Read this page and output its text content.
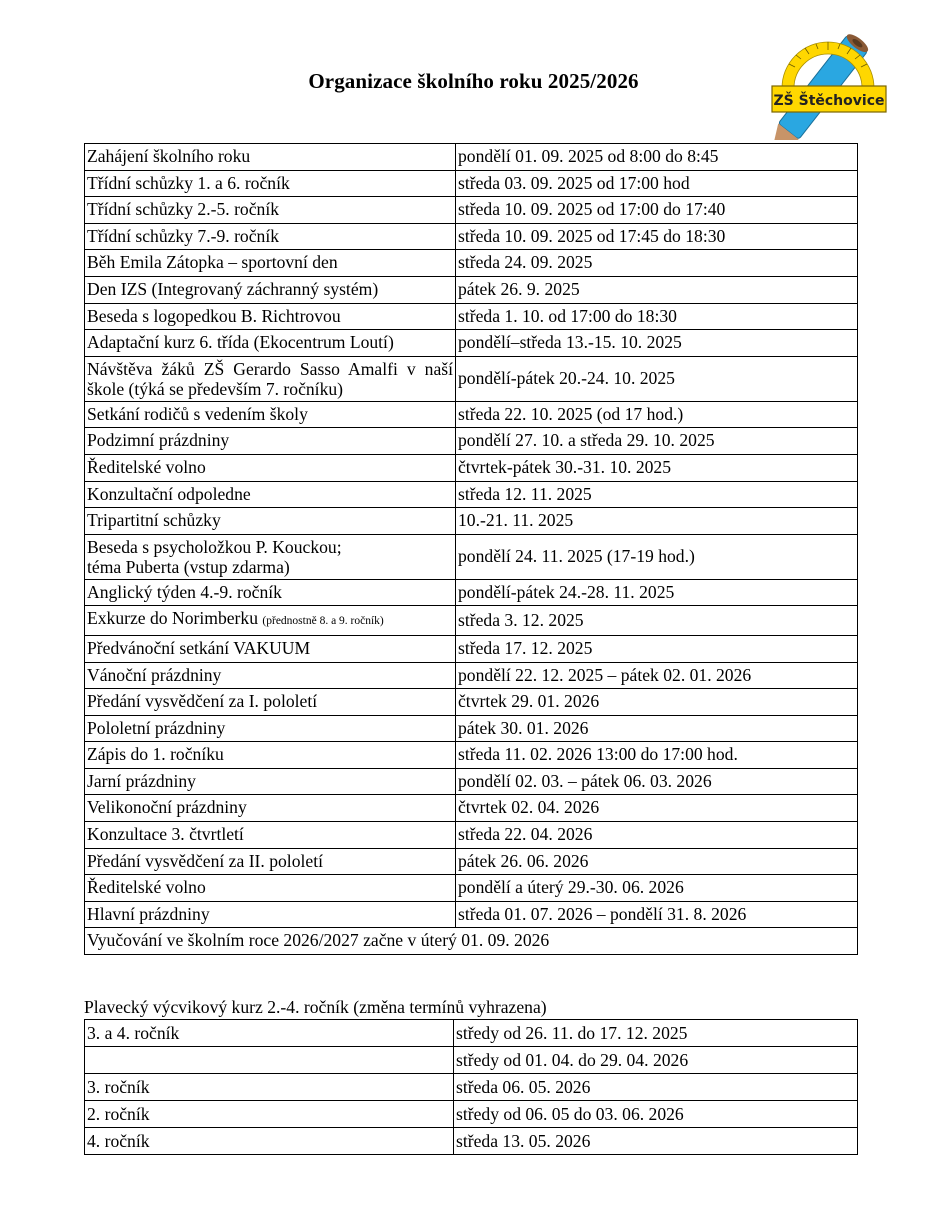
Organizace školního roku 2025/2026
ZŠ Štěchovice
Zahájení školního roku	pondělí 01. 09. 2025 od 8:00 do 8:45
Třídní schůzky 1. a 6. ročník	středa 03. 09. 2025 od 17:00 hod
Třídní schůzky 2.-5. ročník	středa 10. 09. 2025 od 17:00 do 17:40
Třídní schůzky 7.-9. ročník	středa 10. 09. 2025 od 17:45 do 18:30
Běh Emila Zátopka – sportovní den	středa 24. 09. 2025
Den IZS (Integrovaný záchranný systém)	pátek 26. 9. 2025
Beseda s logopedkou B. Richtrovou	středa 1. 10. od 17:00 do 18:30
Adaptační kurz 6. třída (Ekocentrum Loutí)	pondělí–středa 13.-15. 10. 2025
Návštěva žáků ZŠ Gerardo Sasso Amalfi v naší škole (týká se především 7. ročníku)	pondělí-pátek 20.-24. 10. 2025
Setkání rodičů s vedením školy	středa 22. 10. 2025 (od 17 hod.)
Podzimní prázdniny	pondělí 27. 10. a středa 29. 10. 2025
Ředitelské volno	čtvrtek-pátek 30.-31. 10. 2025
Konzultační odpoledne	středa 12. 11. 2025
Tripartitní schůzky	10.-21. 11. 2025

Beseda s psycholožkou P. Kouckou;
téma Puberta (vstup zdarma)	pondělí 24. 11. 2025 (17-19 hod.)
Anglický týden 4.-9. ročník	pondělí-pátek 24.-28. 11. 2025
Exkurze do Norimberku (přednostně 8. a 9. ročník)	středa 3. 12. 2025
Předvánoční setkání VAKUUM	středa 17. 12. 2025
Vánoční prázdniny	pondělí 22. 12. 2025 – pátek 02. 01. 2026
Předání vysvědčení za I. pololetí	čtvrtek 29. 01. 2026
Pololetní prázdniny	pátek 30. 01. 2026
Zápis do 1. ročníku	středa 11. 02. 2026 13:00 do 17:00 hod.
Jarní prázdniny	pondělí 02. 03. – pátek 06. 03. 2026
Velikonoční prázdniny	čtvrtek 02. 04. 2026
Konzultace 3. čtvrtletí	středa 22. 04. 2026
Předání vysvědčení za II. pololetí	pátek 26. 06. 2026
Ředitelské volno	pondělí a úterý 29.-30. 06. 2026
Hlavní prázdniny	středa 01. 07. 2026 – pondělí 31. 8. 2026
Vyučování ve školním roce 2026/2027 začne v úterý 01. 09. 2026	
Plavecký výcvikový kurz 2.-4. ročník (změna termínů vyhrazena)
3. a 4. ročník	středy od 26. 11. do 17. 12. 2025
	středy od 01. 04. do 29. 04. 2026
3. ročník	středa 06. 05. 2026
2. ročník	středy od 06. 05 do 03. 06. 2026
4. ročník	středa 13. 05. 2026
